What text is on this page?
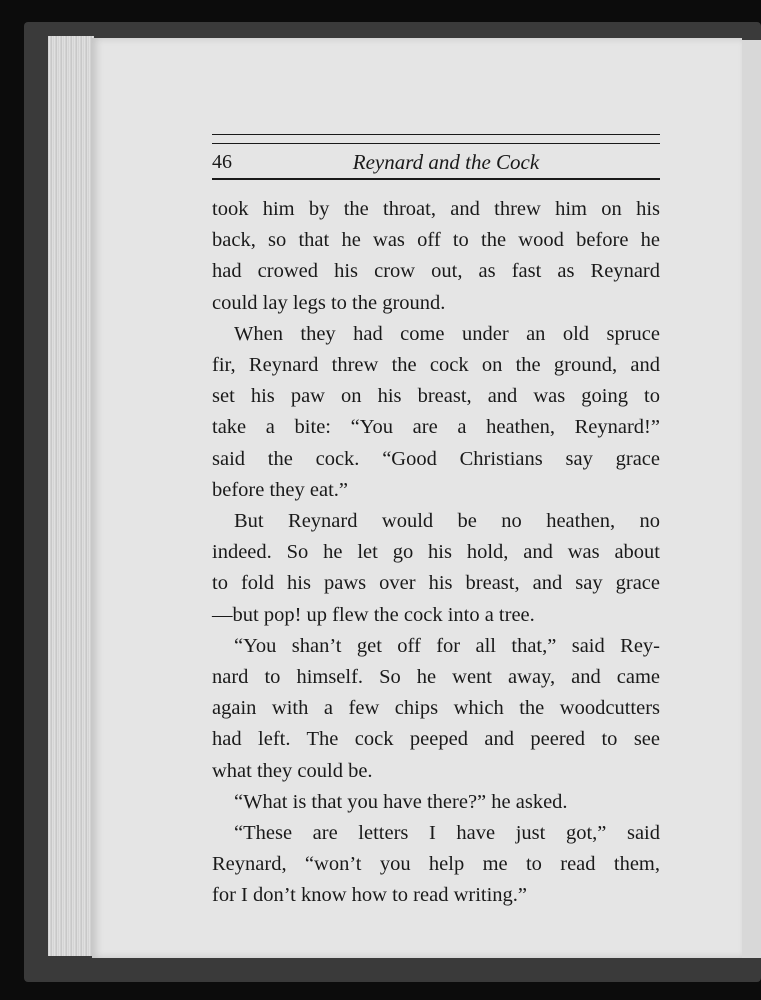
46	Reynard and the Cock
took him by the throat, and threw him on his
back, so that he was off to the wood before he
had crowed his crow out, as fast as Reynard
could lay legs to the ground.
When they had come under an old spruce
fir, Reynard threw the cock on the ground, and
set his paw on his breast, and was going to
take a bite: “You are a heathen, Reynard!”
said the cock. “Good Christians say grace
before they eat.”
But Reynard would be no heathen, no
indeed. So he let go his hold, and was about
to fold his paws over his breast, and say grace
—but pop! up flew the cock into a tree.
“You shan’t get off for all that,” said Rey-
nard to himself. So he went away, and came
again with a few chips which the woodcutters
had left. The cock peeped and peered to see
what they could be.
“What is that you have there?” he asked.
“These are letters I have just got,” said
Reynard, “won’t you help me to read them,
for I don’t know how to read writing.”
